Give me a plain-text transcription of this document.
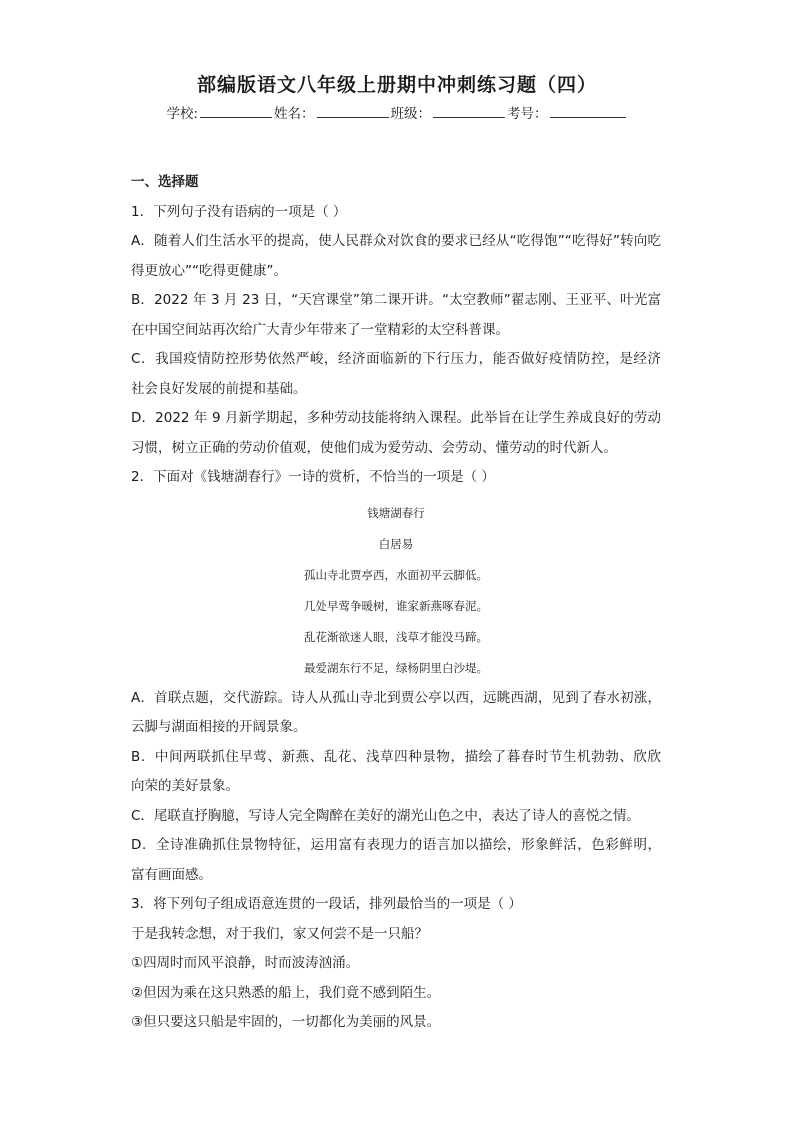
部编版语文八年级上册期中冲刺练习题（四）
学校:	姓名：	班级：	考号：
一、选择题
1．下列句子没有语病的一项是（ ）
A．随着人们生活水平的提高，使人民群众对饮食的要求已经从“吃得饱”“吃得好”转向吃
得更放心”“吃得更健康”。
B．2022 年 3 月 23 日，“天宫课堂”第二课开讲。“太空教师”翟志刚、王亚平、叶光富
在中国空间站再次给广大青少年带来了一堂精彩的太空科普课。
C．我国疫情防控形势依然严峻，经济面临新的下行压力，能否做好疫情防控，是经济
社会良好发展的前提和基础。
D．2022 年 9 月新学期起，多种劳动技能将纳入课程。此举旨在让学生养成良好的劳动
习惯，树立正确的劳动价值观，使他们成为爱劳动、会劳动、懂劳动的时代新人。
2．下面对《钱塘湖春行》一诗的赏析，不恰当的一项是（ ）
钱塘湖春行
白居易
孤山寺北贾亭西，水面初平云脚低。
几处早莺争暖树，谁家新燕啄春泥。
乱花渐欲迷人眼，浅草才能没马蹄。
最爱湖东行不足，绿杨阴里白沙堤。
A．首联点题，交代游踪。诗人从孤山寺北到贾公亭以西，远眺西湖，见到了春水初涨，
云脚与湖面相接的开阔景象。
B．中间两联抓住早莺、新燕、乱花、浅草四种景物，描绘了暮春时节生机勃勃、欣欣
向荣的美好景象。
C．尾联直抒胸臆，写诗人完全陶醉在美好的湖光山色之中，表达了诗人的喜悦之情。
D．全诗准确抓住景物特征，运用富有表现力的语言加以描绘，形象鲜活，色彩鲜明，
富有画面感。
3．将下列句子组成语意连贯的一段话，排列最恰当的一项是（ ）
于是我转念想，对于我们，家又何尝不是一只船？
①四周时而风平浪静，时而波涛汹涌。
②但因为乘在这只熟悉的船上，我们竟不感到陌生。
③但只要这只船是牢固的，一切都化为美丽的风景。
